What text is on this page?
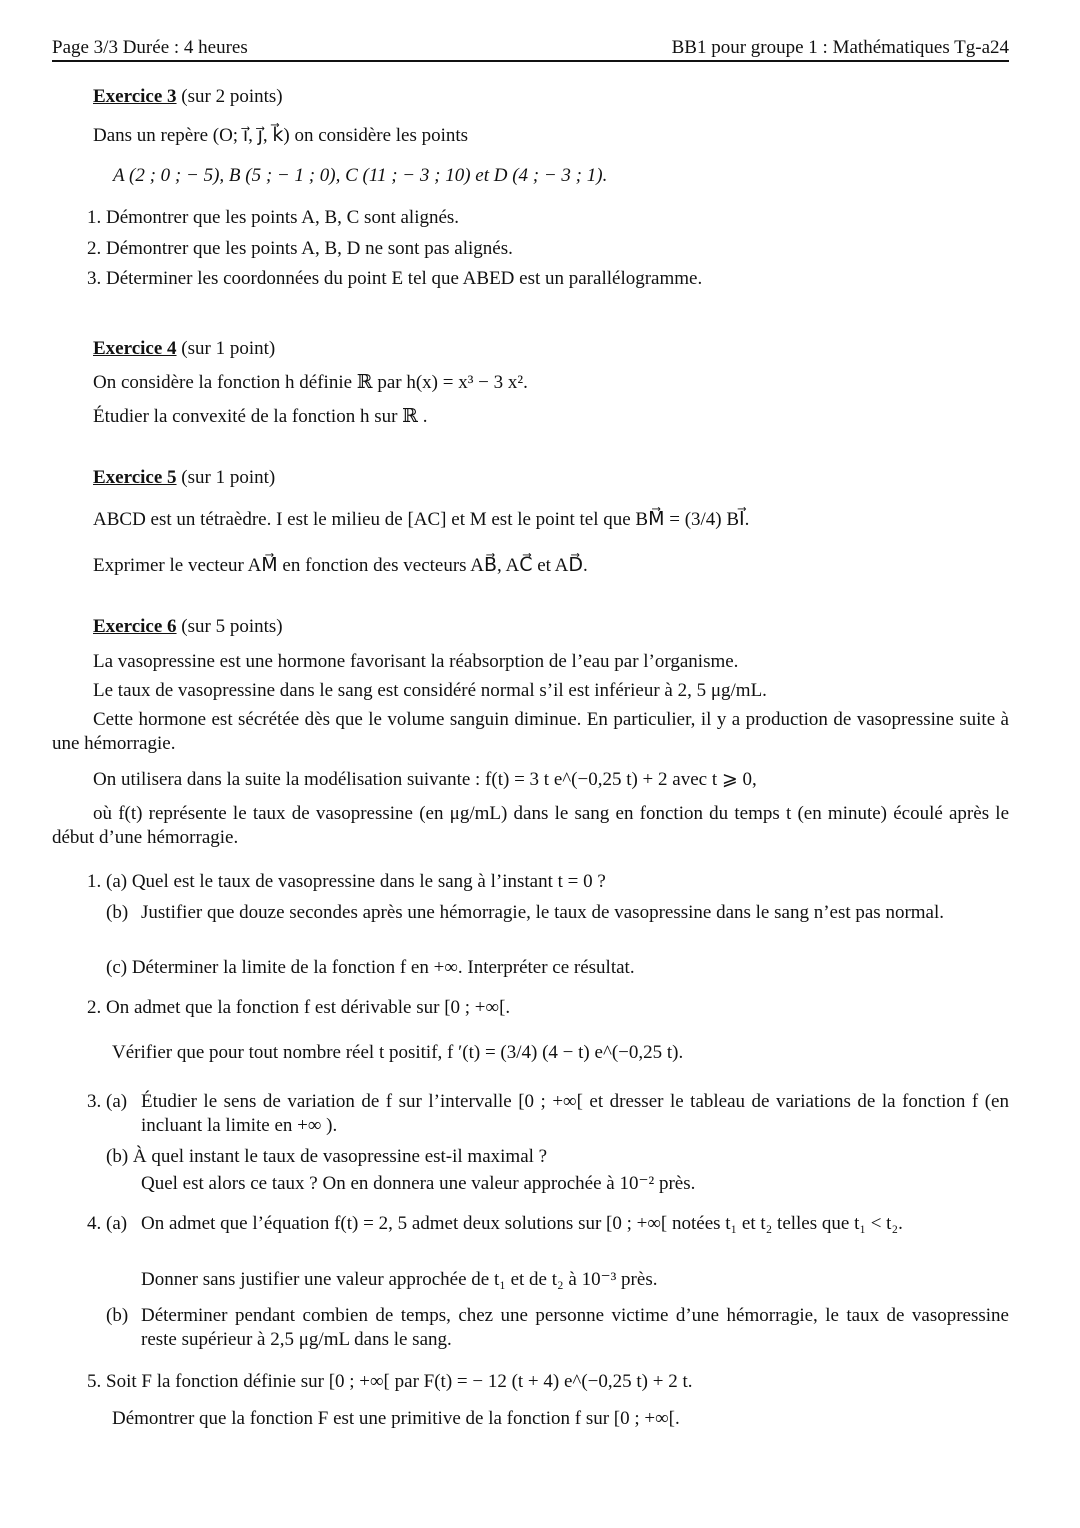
Page 3/3 Durée : 4 heures	BB1 pour groupe 1 : Mathématiques Tg-a24
Exercice 3 (sur 2 points)
Dans un repère (O; i⃗, j⃗, k⃗) on considère les points
A (2 ; 0 ; − 5), B (5 ; − 1 ; 0), C (11 ; − 3 ; 10) et D (4 ; − 3 ; 1).
1. Démontrer que les points A, B, C sont alignés.
2. Démontrer que les points A, B, D ne sont pas alignés.
3. Déterminer les coordonnées du point E tel que ABED est un parallélogramme.
Exercice 4 (sur 1 point)
On considère la fonction h définie ℝ par h(x) = x³ − 3 x².
Étudier la convexité de la fonction h sur ℝ .
Exercice 5 (sur 1 point)
ABCD est un tétraèdre. I est le milieu de [AC] et M est le point tel que BM⃗ = (3/4) BI⃗.
Exprimer le vecteur AM⃗ en fonction des vecteurs AB⃗, AC⃗ et AD⃗.
Exercice 6 (sur 5 points)
La vasopressine est une hormone favorisant la réabsorption de l’eau par l’organisme.
Le taux de vasopressine dans le sang est considéré normal s’il est inférieur à 2, 5 μg/mL.
Cette hormone est sécrétée dès que le volume sanguin diminue. En particulier, il y a production de vasopressine suite à une hémorragie.
On utilisera dans la suite la modélisation suivante : f(t) = 3 t e^(−0,25 t) + 2 avec t ⩾ 0,
où f(t) représente le taux de vasopressine (en μg/mL) dans le sang en fonction du temps t (en minute) écoulé après le début d’une hémorragie.
1. (a) Quel est le taux de vasopressine dans le sang à l’instant t = 0 ?
(b) Justifier que douze secondes après une hémorragie, le taux de vasopressine dans le sang n’est pas normal.
(c) Déterminer la limite de la fonction f en +∞. Interpréter ce résultat.
2. On admet que la fonction f est dérivable sur [0 ; +∞[.
Vérifier que pour tout nombre réel t positif, f ′(t) = (3/4) (4 − t) e^(−0,25 t).
3. (a) Étudier le sens de variation de f sur l’intervalle [0 ; +∞[ et dresser le tableau de variations de la fonction f (en incluant la limite en +∞ ).
(b) À quel instant le taux de vasopressine est-il maximal ?
Quel est alors ce taux ? On en donnera une valeur approchée à 10⁻² près.
4. (a) On admet que l’équation f(t) = 2, 5 admet deux solutions sur [0 ; +∞[ notées t₁ et t₂ telles que t₁ < t₂.
Donner sans justifier une valeur approchée de t₁ et de t₂ à 10⁻³ près.
(b) Déterminer pendant combien de temps, chez une personne victime d’une hémorragie, le taux de vasopressine reste supérieur à 2,5 μg/mL dans le sang.
5. Soit F la fonction définie sur [0 ; +∞[ par F(t) = − 12 (t + 4) e^(−0,25 t) + 2 t.
Démontrer que la fonction F est une primitive de la fonction f sur [0 ; +∞[.
